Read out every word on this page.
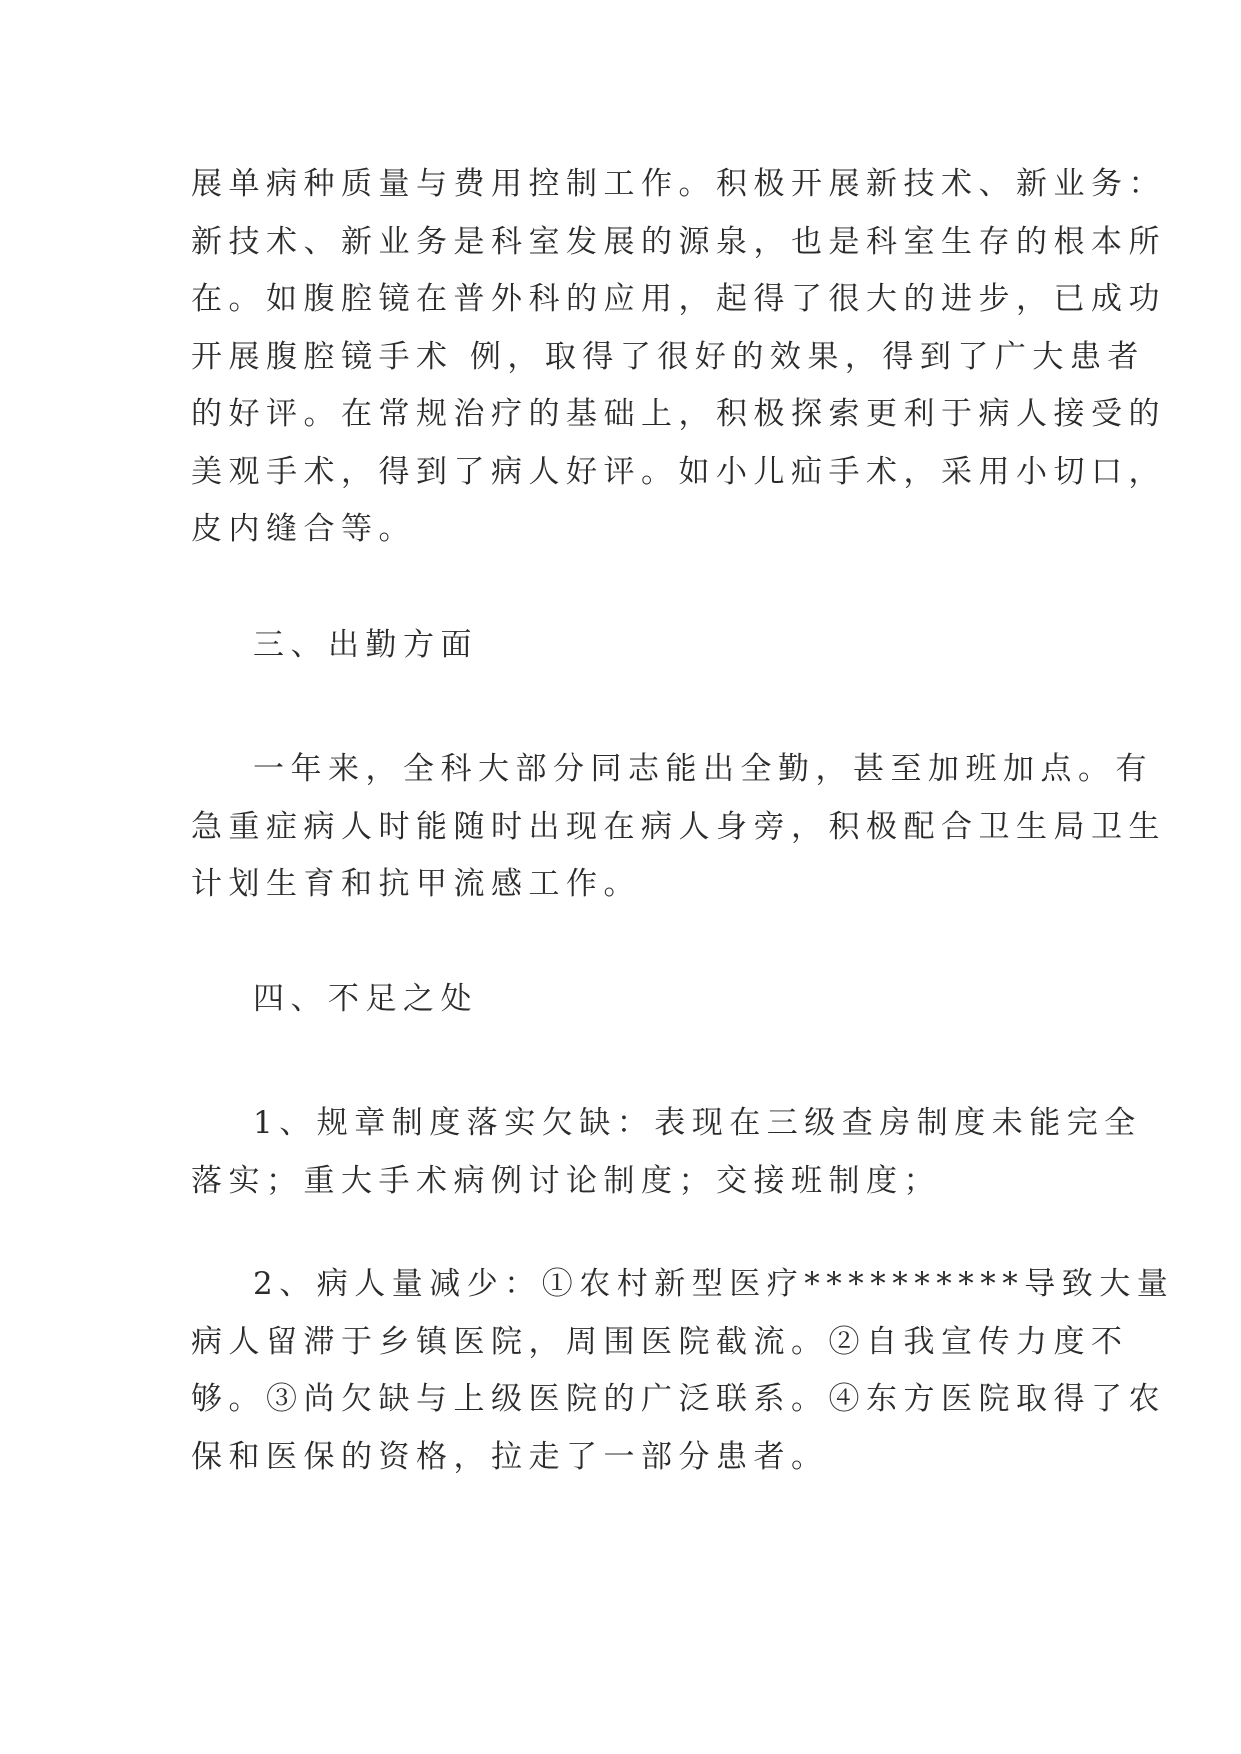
展单病种质量与费用控制工作。积极开展新技术、新业务：
新技术、新业务是科室发展的源泉，也是科室生存的根本所
在。如腹腔镜在普外科的应用，起得了很大的进步，已成功
开展腹腔镜手术 例，取得了很好的效果，得到了广大患者
的好评。在常规治疗的基础上，积极探索更利于病人接受的
美观手术，得到了病人好评。如小儿疝手术，采用小切口，
皮内缝合等。
三、出勤方面
一年来，全科大部分同志能出全勤，甚至加班加点。有
急重症病人时能随时出现在病人身旁，积极配合卫生局卫生
计划生育和抗甲流感工作。
四、不足之处
1、规章制度落实欠缺：表现在三级查房制度未能完全
落实；重大手术病例讨论制度；交接班制度；
2、病人量减少：①农村新型医疗**********导致大量
病人留滞于乡镇医院，周围医院截流。②自我宣传力度不
够。③尚欠缺与上级医院的广泛联系。④东方医院取得了农
保和医保的资格，拉走了一部分患者。
